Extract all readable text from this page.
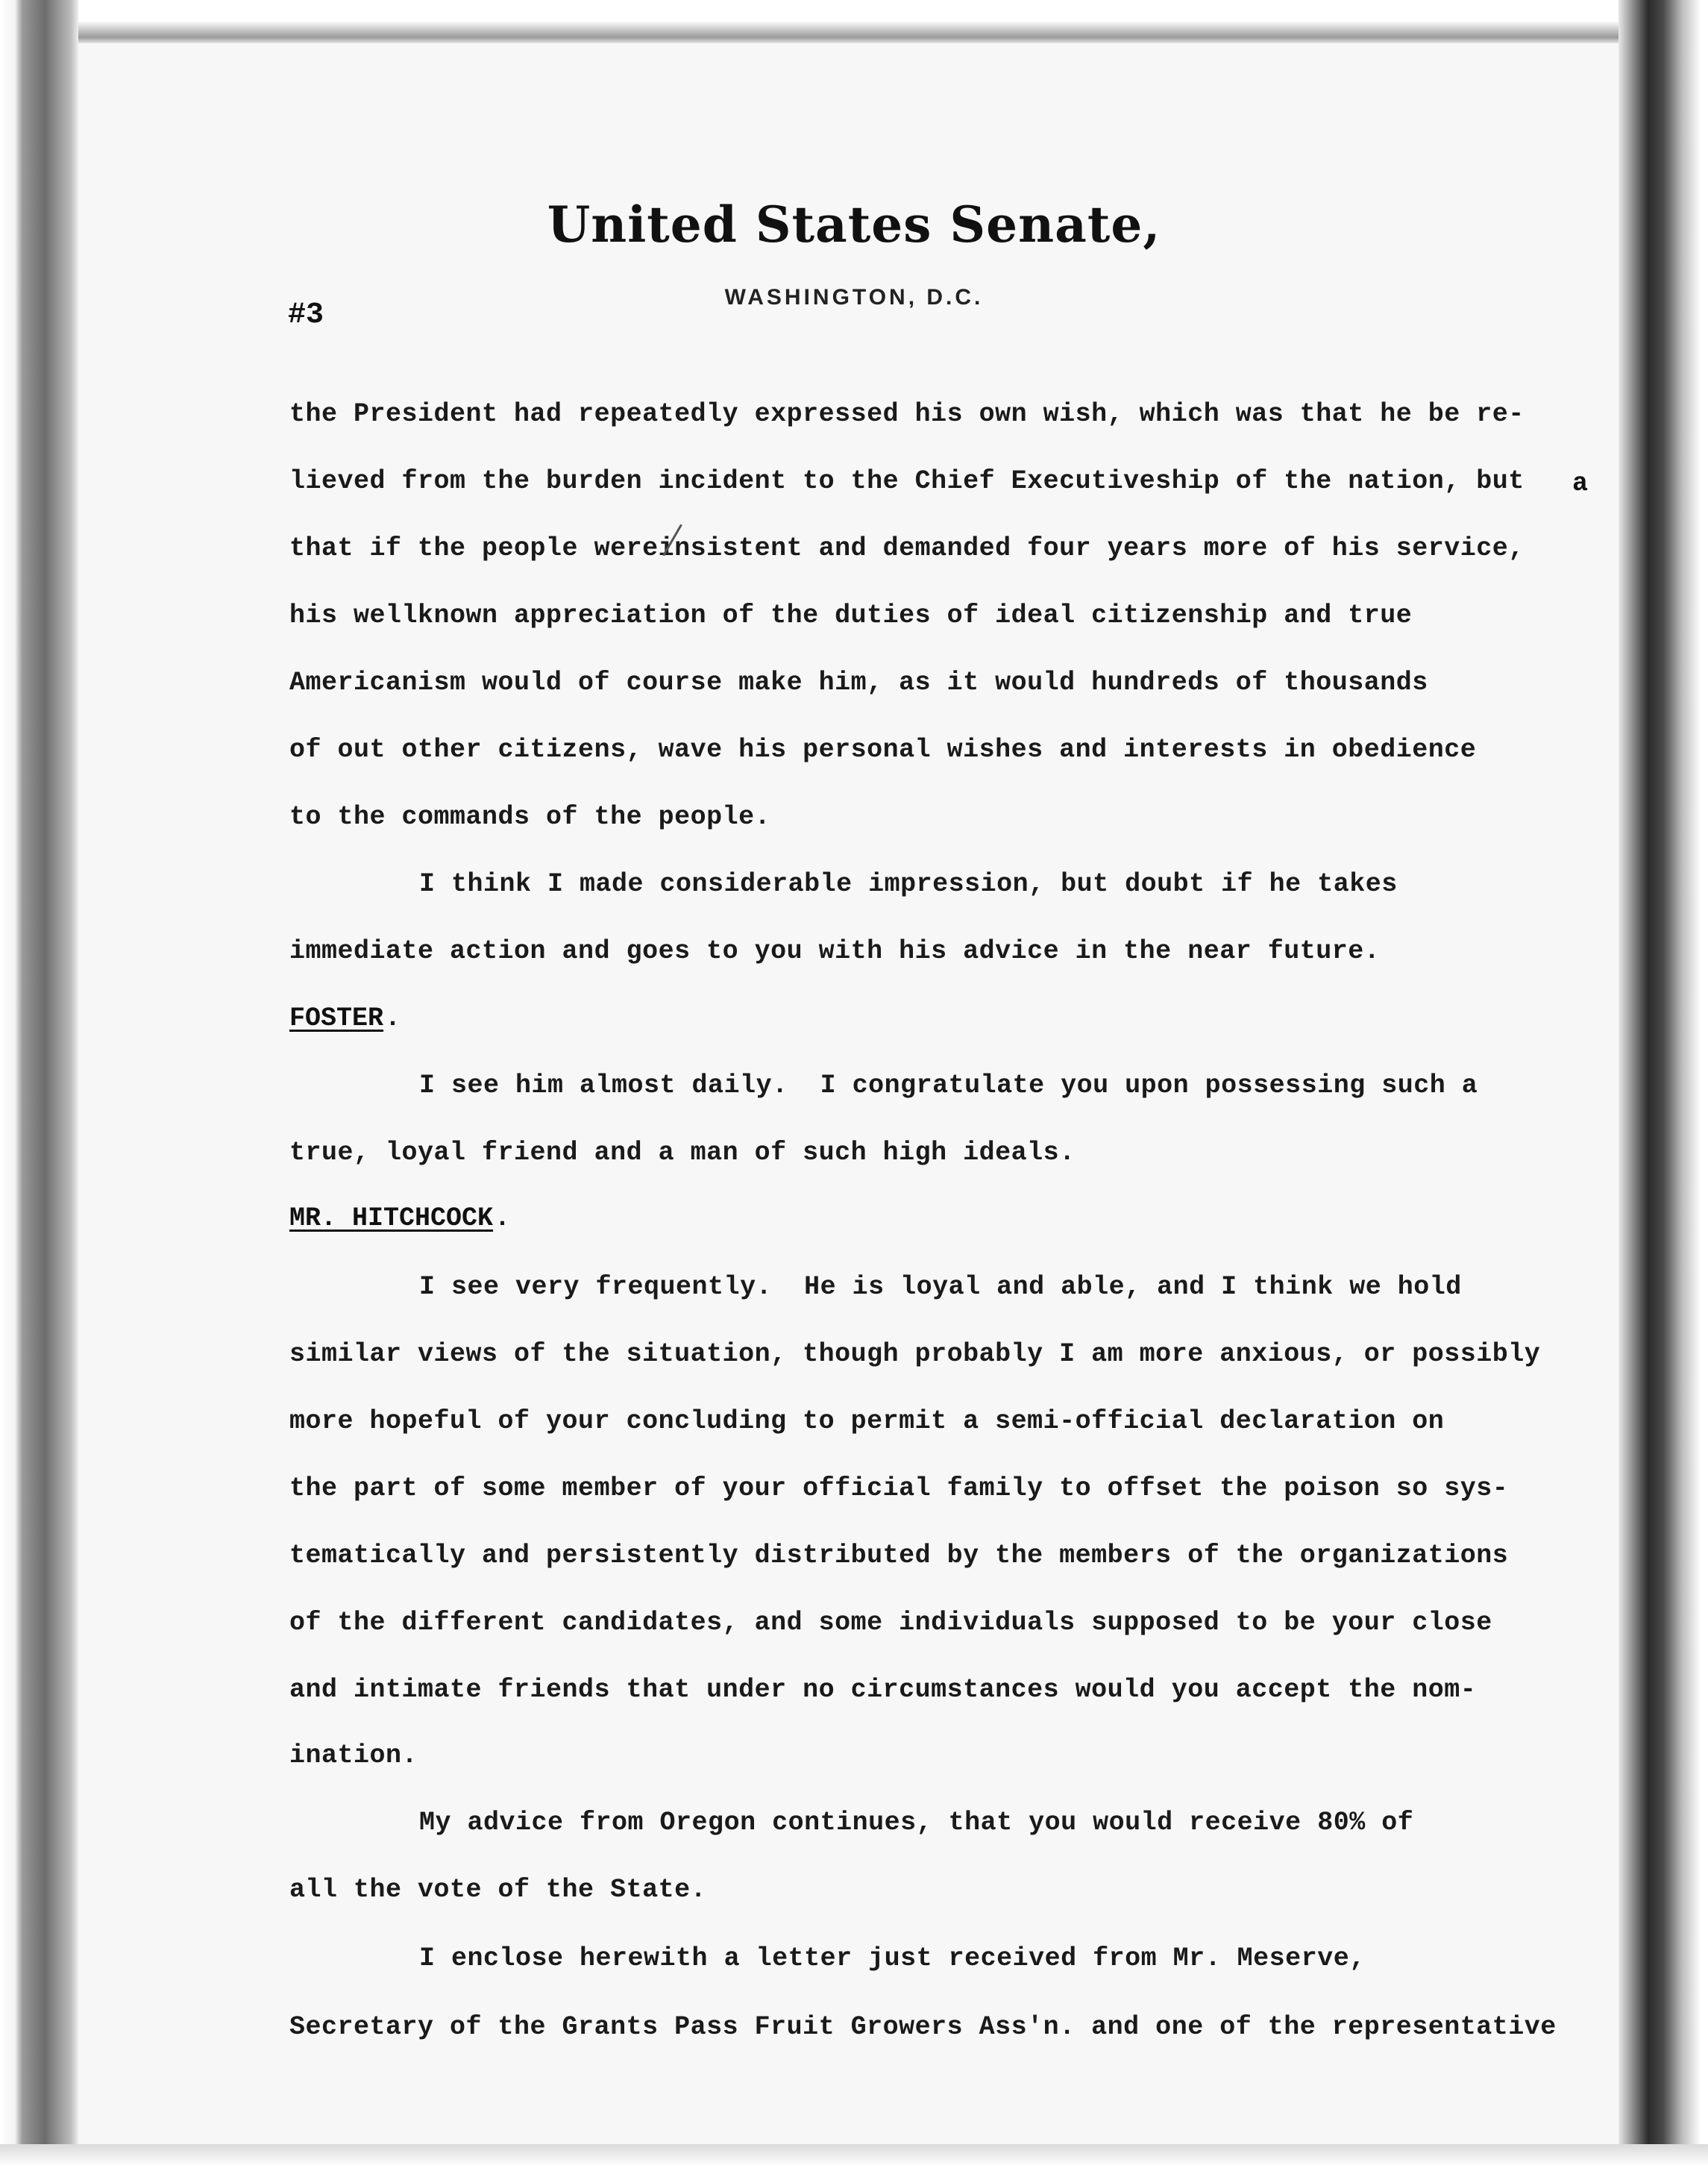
United States Senate,
WASHINGTON, D.C.
#3
the President had repeatedly expressed his own wish, which was that he be re-
lieved from the burden incident to the Chief Executiveship of the nation, but a
that if the people wereinsistent and demanded four years more of his service,
his wellknown appreciation of the duties of ideal citizenship and true
Americanism would of course make him, as it would hundreds of thousands
of out other citizens, wave his personal wishes and interests in obedience
to the commands of the people.
I think I made considerable impression, but doubt if he takes
immediate action and goes to you with his advice in the near future.
FOSTER .
I see him almost daily.  I congratulate you upon possessing such a
true, loyal friend and a man of such high ideals.
MR. HITCHCOCK .
I see very frequently.  He is loyal and able, and I think we hold
similar views of the situation, though probably I am more anxious, or possibly
more hopeful of your concluding to permit a semi-official declaration on
the part of some member of your official family to offset the poison so sys-
tematically and persistently distributed by the members of the organizations
of the different candidates, and some individuals supposed to be your close
and intimate friends that under no circumstances would you accept the nom-
ination.
My advice from Oregon continues, that you would receive 80% of
all the vote of the State.
I enclose herewith a letter just received from Mr. Meserve,
Secretary of the Grants Pass Fruit Growers Ass'n. and one of the representative
